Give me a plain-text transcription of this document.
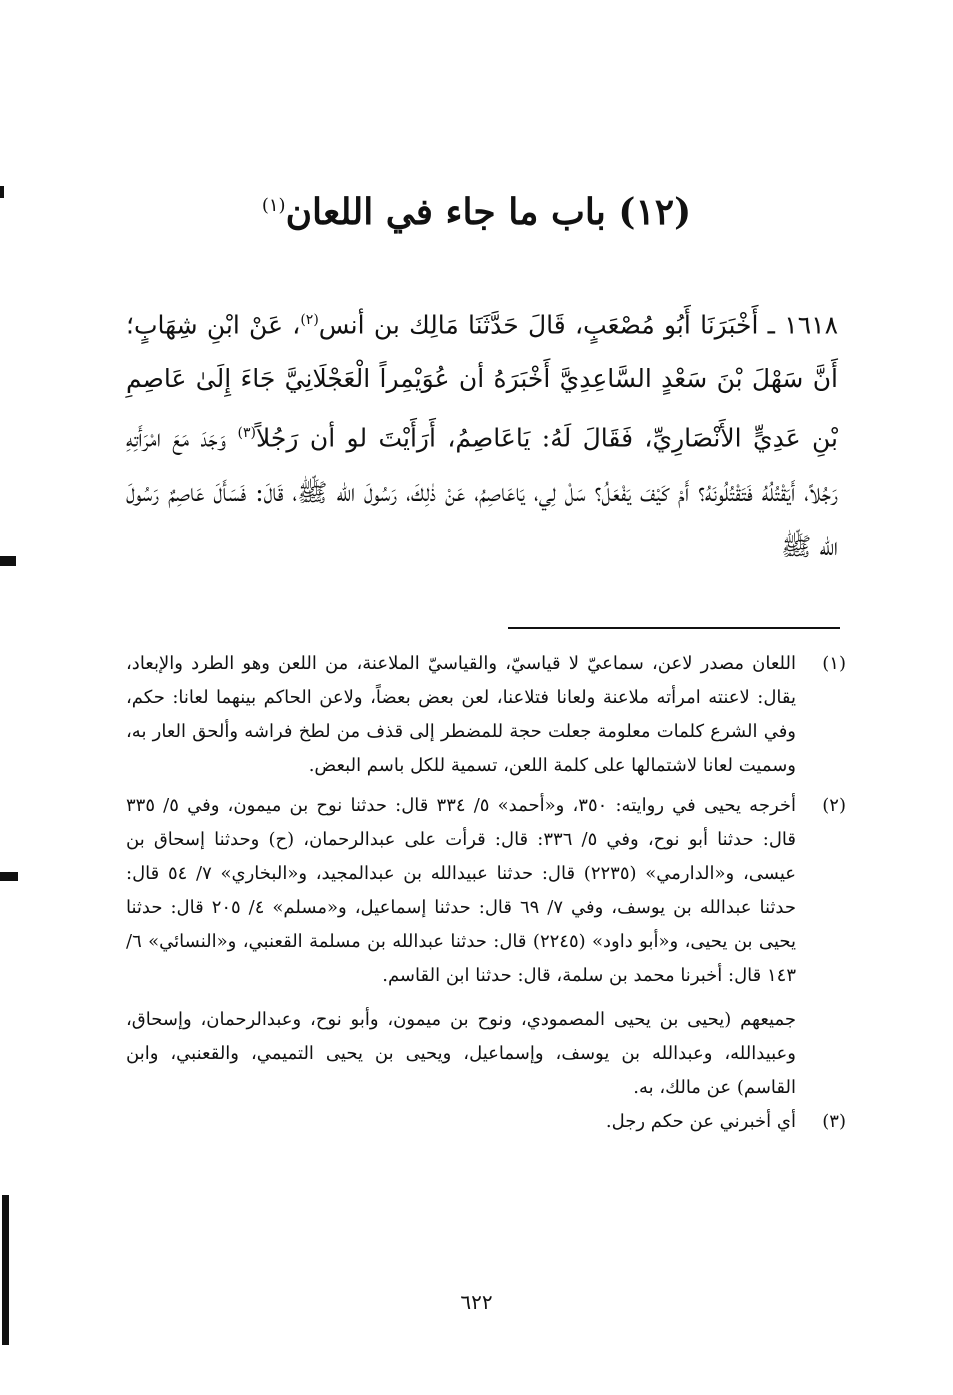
(١٢) باب ما جاء في اللعان$^{(١)}$

١٦١٨ ـ أَخْبَرَنَا أَبُو مُصْعَبٍ، قَالَ حَدَّثَنَا مَالِك بن أنس$^{(٢)}$، عَنْ ابْنِ شِهَابٍ؛ أَنَّ سَهْلَ بْنَ سَعْدٍ السَّاعِدِيَّ أَخْبَرَهُ أن عُوَيْمِراً الْعَجْلَانِيَّ جَاءَ إِلَىٰ عَاصِمِ بْنِ عَدِيٍّ الأَنْصَارِيِّ، فَقَالَ لَهُ: يَاعَاصِمُ، أَرَأَيْتَ لو أن رَجُلاً$^{(٣)}$ وَجَدَ مَعَ امْرَأَتِهِ رَجُلاً، أَيَقْتُلُهُ فَتَقْتُلُونَهُ؟ أَمْ كَيْفَ يَفْعَلُ؟ سَلْ لِي، يَاعَاصِمُ، عَنْ ذٰلِكَ، رَسُولَ الله ﷺ، قَالَ: فَسَأَلَ عَاصِمٌ رَسُولَ الله ﷺ

(١)

اللعان مصدر لاعن، سماعيّ لا قياسيّ، والقياسيّ الملاعنة، من اللعن وهو الطرد والإبعاد، يقال: لاعنته امرأته ملاعنة ولعانا فتلاعنا، لعن بعض بعضاً، ولاعن الحاكم بينهما لعانا: حكم، وفي الشرع كلمات معلومة جعلت حجة للمضطر إلى قذف من لطخ فراشه وألحق العار به، وسميت لعانا لاشتمالها على كلمة اللعن، تسمية للكل باسم البعض.

(٢)

أخرجه يحيى في روايته: ٣٥٠، و«أحمد» ٥/ ٣٣٤ قال: حدثنا نوح بن ميمون، وفي ٥/ ٣٣٥ قال: حدثنا أبو نوح، وفي ٥/ ٣٣٦: قال: قرأت على عبدالرحمان، (ح) وحدثنا إسحاق بن عيسى، و«الدارمي» (٢٢٣٥) قال: حدثنا عبيدالله بن عبدالمجيد، و«البخاري» ٧/ ٥٤ قال: حدثنا عبدالله بن يوسف، وفي ٧/ ٦٩ قال: حدثنا إسماعيل، و«مسلم» ٤/ ٢٠٥ قال: حدثنا يحيى بن يحيى، و«أبو داود» (٢٢٤٥) قال: حدثنا عبدالله بن مسلمة القعنبي، و«النسائي» ٦/ ١٤٣ قال: أخبرنا محمد بن سلمة، قال: حدثنا ابن القاسم.

جميعهم (يحيى بن يحيى المصمودي، ونوح بن ميمون، وأبو نوح، وعبدالرحمان، وإسحاق، وعبيدالله، وعبدالله بن يوسف، وإسماعيل، ويحيى بن يحيى التميمي، والقعنبي، وابن القاسم) عن مالك، به.

(٣)

أي أخبرني عن حكم رجل.

٦٢٢
